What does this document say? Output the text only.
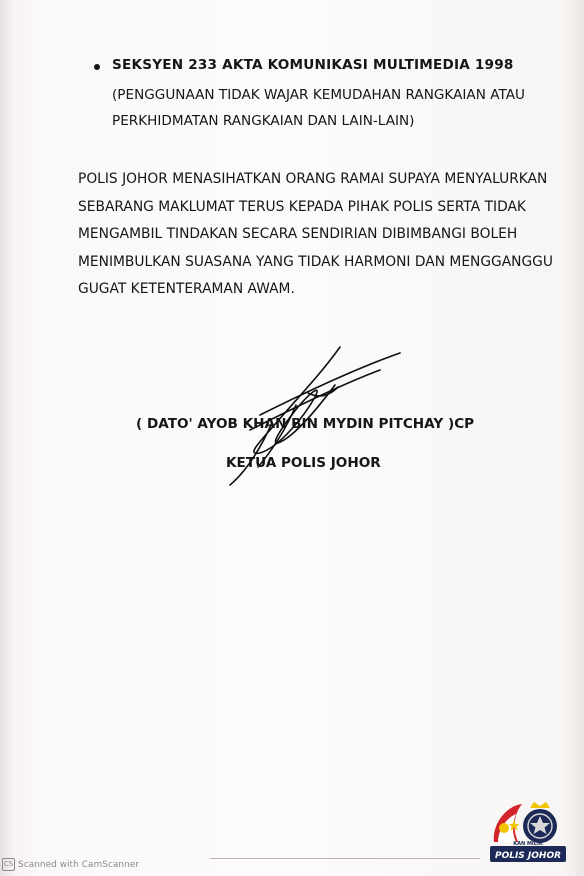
SEKSYEN 233 AKTA KOMUNIKASI MULTIMEDIA 1998
(PENGGUNAAN TIDAK WAJAR KEMUDAHAN RANGKAIAN ATAU
PERKHIDMATAN RANGKAIAN DAN LAIN-LAIN)
POLIS JOHOR MENASIHATKAN ORANG RAMAI SUPAYA MENYALURKAN
SEBARANG MAKLUMAT TERUS KEPADA PIHAK POLIS SERTA TIDAK
MENGAMBIL TINDAKAN SECARA SENDIRIAN DIBIMBANGI BOLEH
MENIMBULKAN SUASANA YANG TIDAK HARMONI DAN MENGGANGGU
GUGAT KETENTERAMAN AWAM.
( DATO' AYOB KHAN BIN MYDIN PITCHAY )CP
KETUA POLIS JOHOR
CS Scanned with CamScanner
KAN MILIK
POLIS JOHOR
